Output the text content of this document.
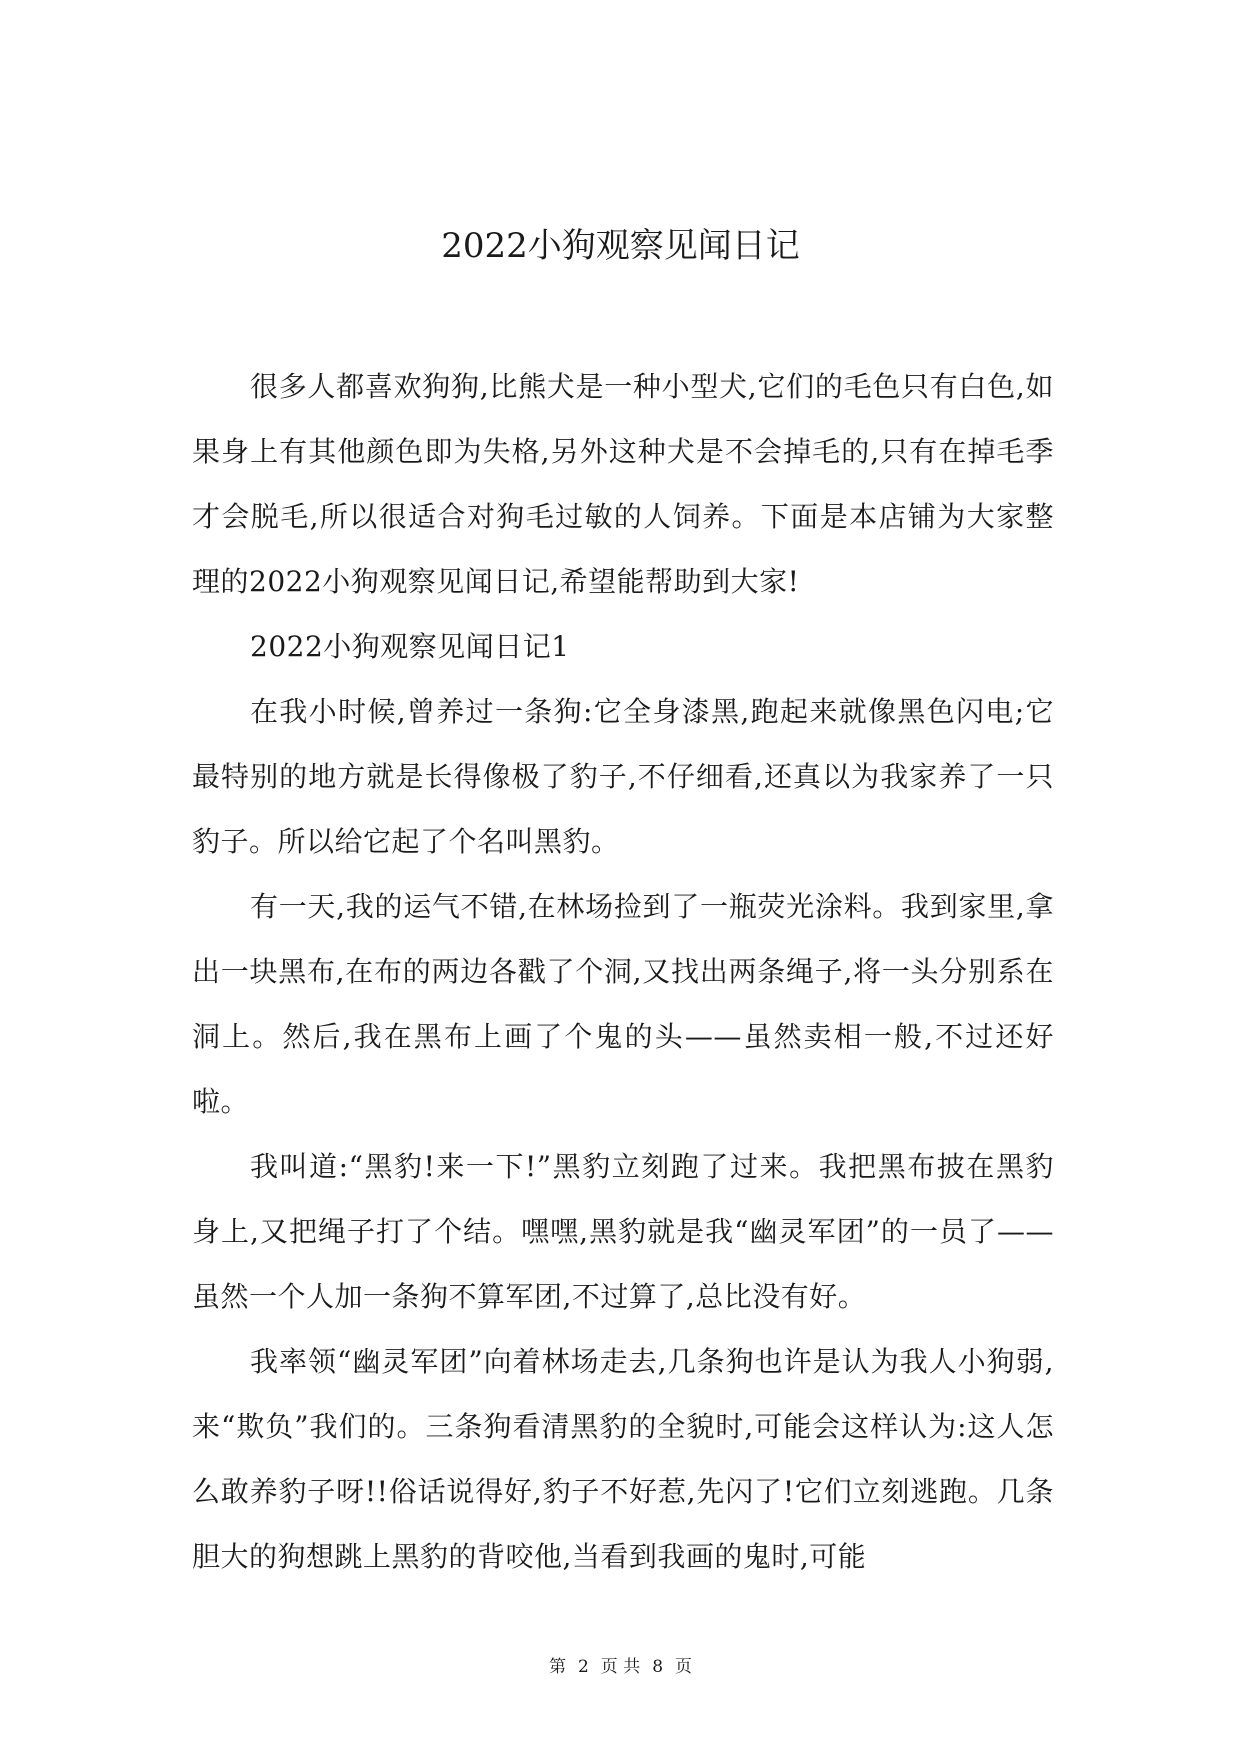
2022小狗观察见闻日记

很多人都喜欢狗狗,比熊犬是一种小型犬,它们的毛色只有白色,如果身上有其他颜色即为失格,另外这种犬是不会掉毛的,只有在掉毛季才会脱毛,所以很适合对狗毛过敏的人饲养。下面是本店铺为大家整理的2022小狗观察见闻日记,希望能帮助到大家!

2022小狗观察见闻日记1

在我小时候,曾养过一条狗:它全身漆黑,跑起来就像黑色闪电;它最特别的地方就是长得像极了豹子,不仔细看,还真以为我家养了一只豹子。所以给它起了个名叫黑豹。

有一天,我的运气不错,在林场捡到了一瓶荧光涂料。我到家里,拿出一块黑布,在布的两边各戳了个洞,又找出两条绳子,将一头分别系在洞上。然后,我在黑布上画了个鬼的头——虽然卖相一般,不过还好啦。

我叫道:“黑豹!来一下!”黑豹立刻跑了过来。我把黑布披在黑豹身上,又把绳子打了个结。嘿嘿,黑豹就是我“幽灵军团”的一员了——虽然一个人加一条狗不算军团,不过算了,总比没有好。

我率领“幽灵军团”向着林场走去,几条狗也许是认为我人小狗弱,来“欺负”我们的。三条狗看清黑豹的全貌时,可能会这样认为:这人怎么敢养豹子呀!!俗话说得好,豹子不好惹,先闪了!它们立刻逃跑。几条胆大的狗想跳上黑豹的背咬他,当看到我画的鬼时,可能

第 2 页 共 8 页
